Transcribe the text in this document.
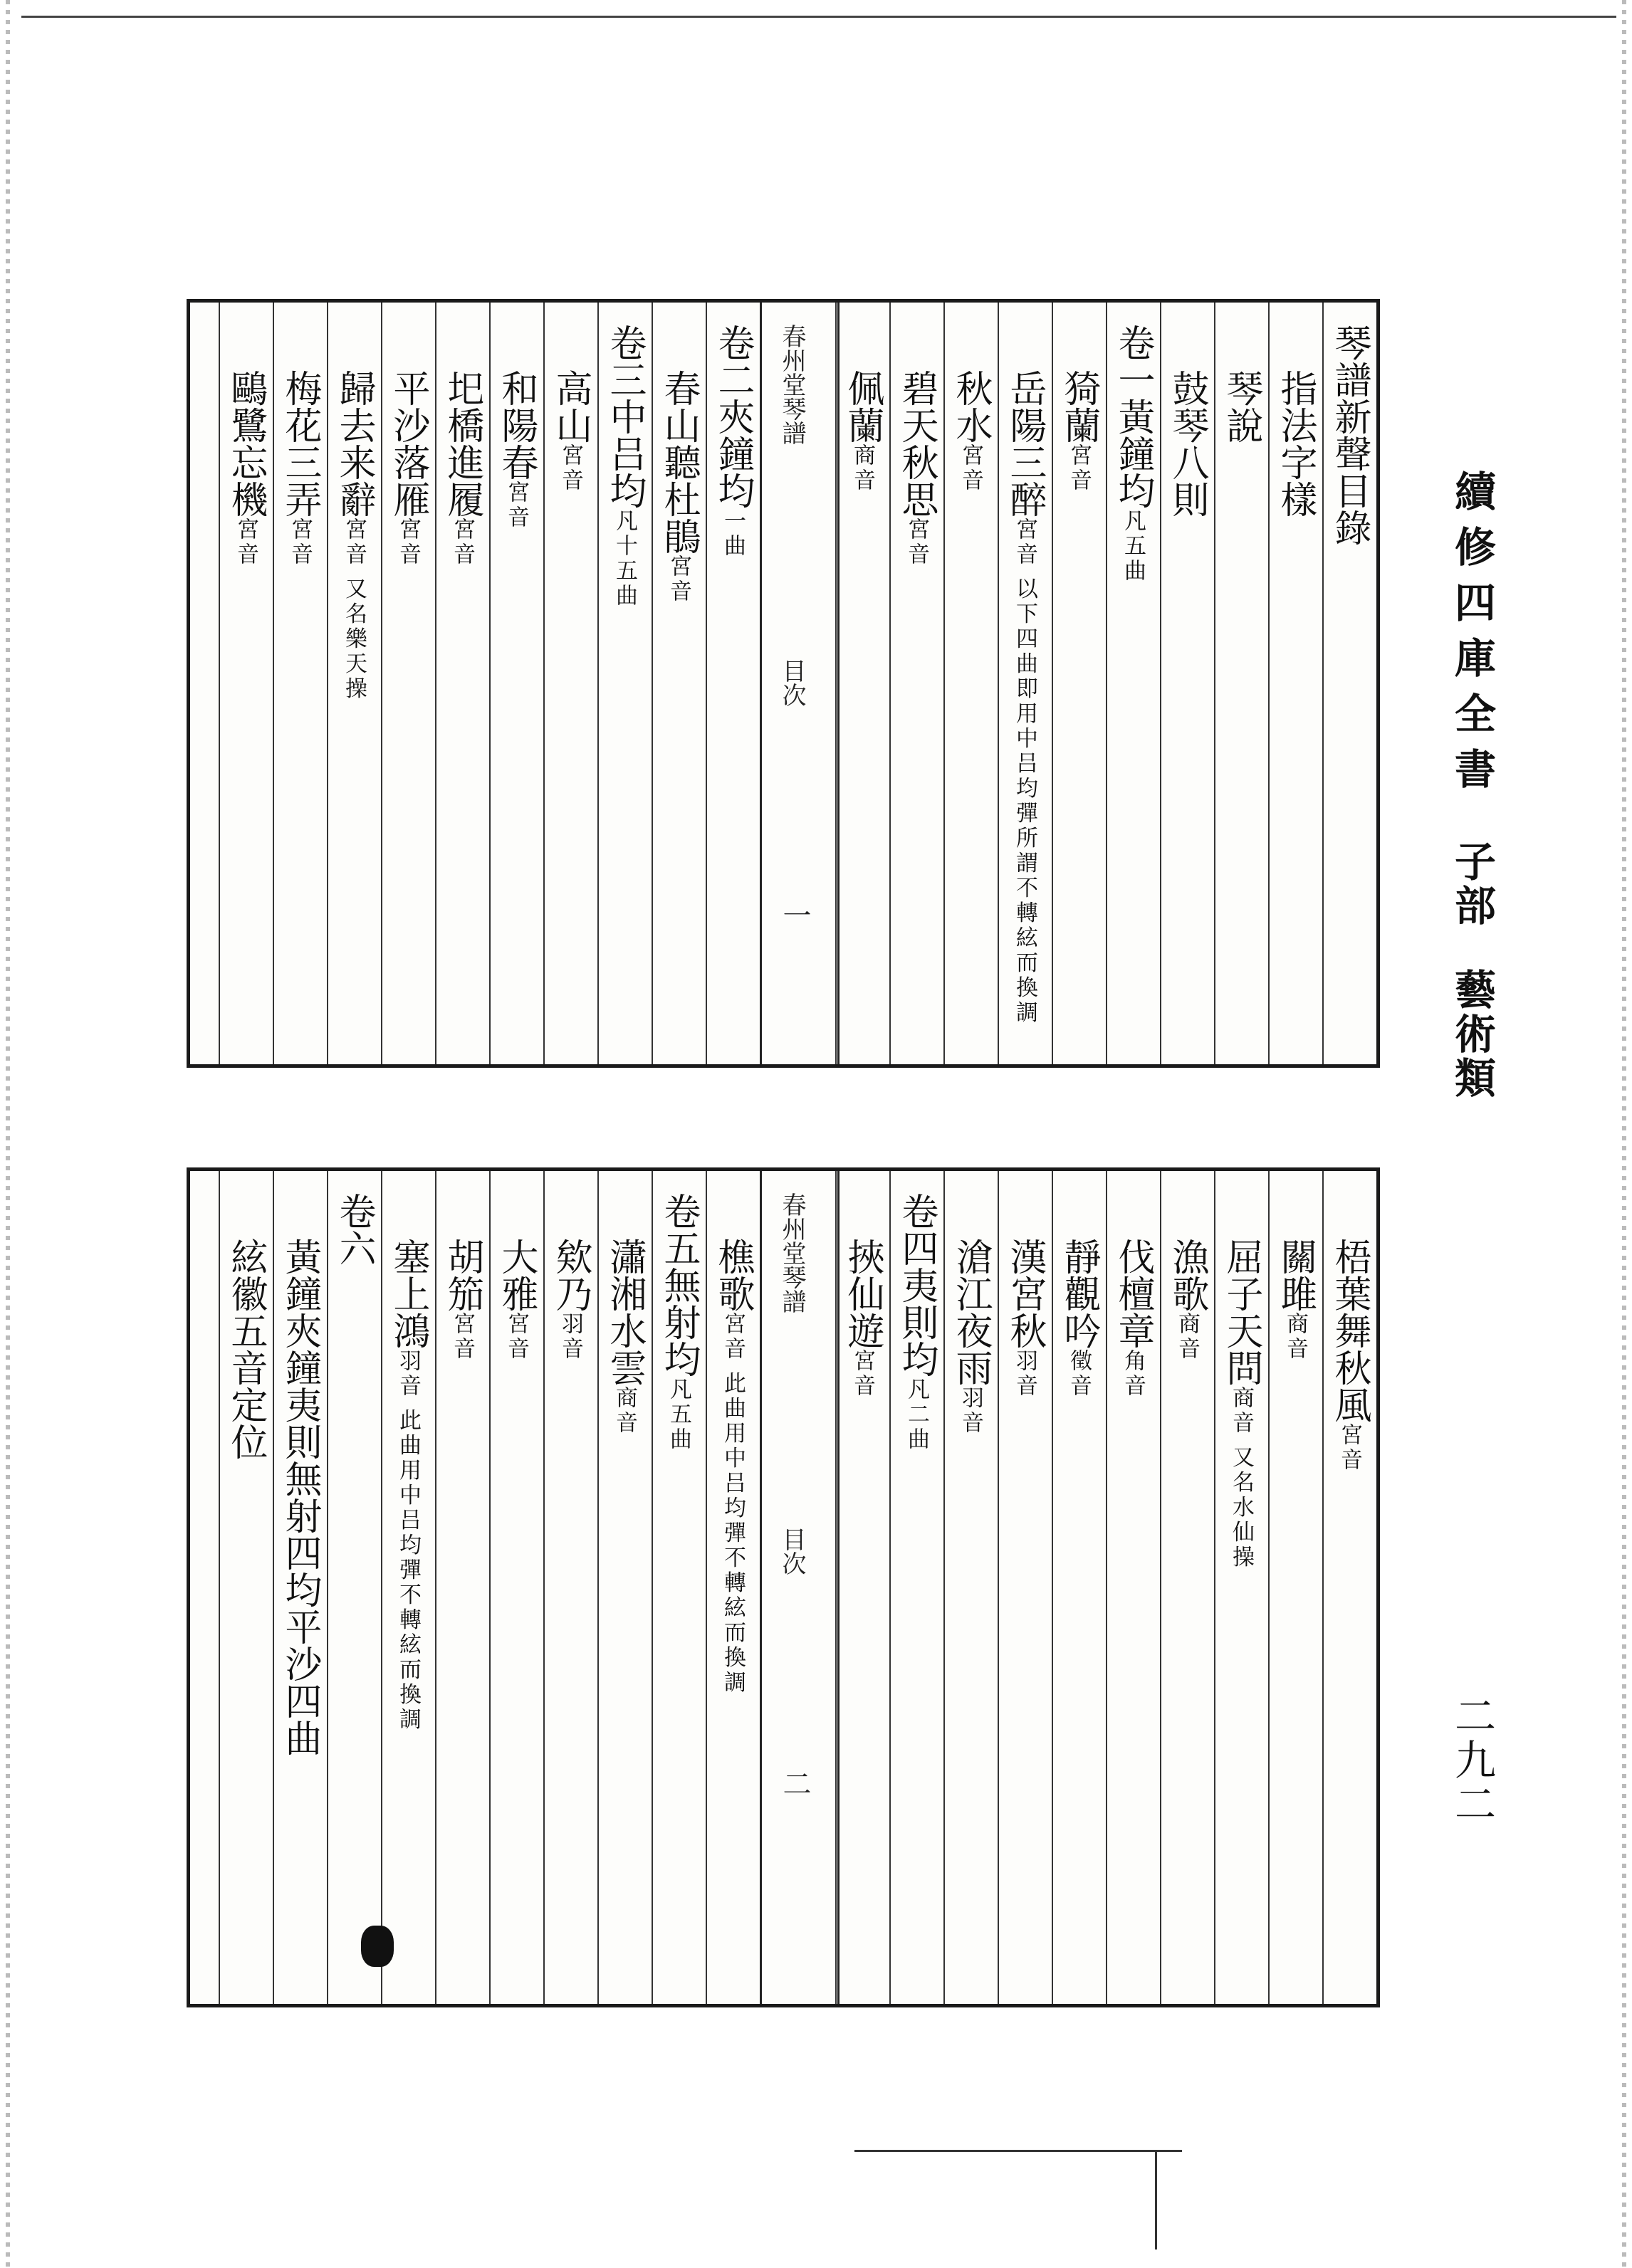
續修四庫全書
子部
藝術類
二九二
琴譜新聲目錄
指法字樣
琴說
鼓琴八則
卷一黃鐘均凡五曲
猗蘭宮音
岳陽三醉宮音 以下四曲即用中吕均彈所謂不轉絃而換調
秋水宮音
碧天秋思宮音
佩蘭商音
春州堂琴譜
目次
一
卷二夾鐘均一曲
春山聽杜鵑宮音
卷三中吕均凡十五曲
高山宮音
和陽春宮音
圯橋進履宮音
平沙落雁宮音
歸去来辭宮音 又名樂天操
梅花三弄宮音
鷗鷺忘機宮音
梧葉舞秋風宮音
關雎商音
屈子天問商音 又名水仙操
漁歌商音
伐檀章角音
靜觀吟徵音
漢宮秋羽音
滄江夜雨羽音
卷四夷則均凡二曲
挾仙遊宮音
春州堂琴譜
目次
二
樵歌宮音 此曲用中吕均彈不轉絃而換調
卷五無射均凡五曲
瀟湘水雲商音
欸乃羽音
大雅宮音
胡笳宮音
塞上鴻羽音 此曲用中吕均彈不轉絃而換調
卷六
黃鐘夾鐘夷則無射四均平沙四曲
絃徽五音定位
